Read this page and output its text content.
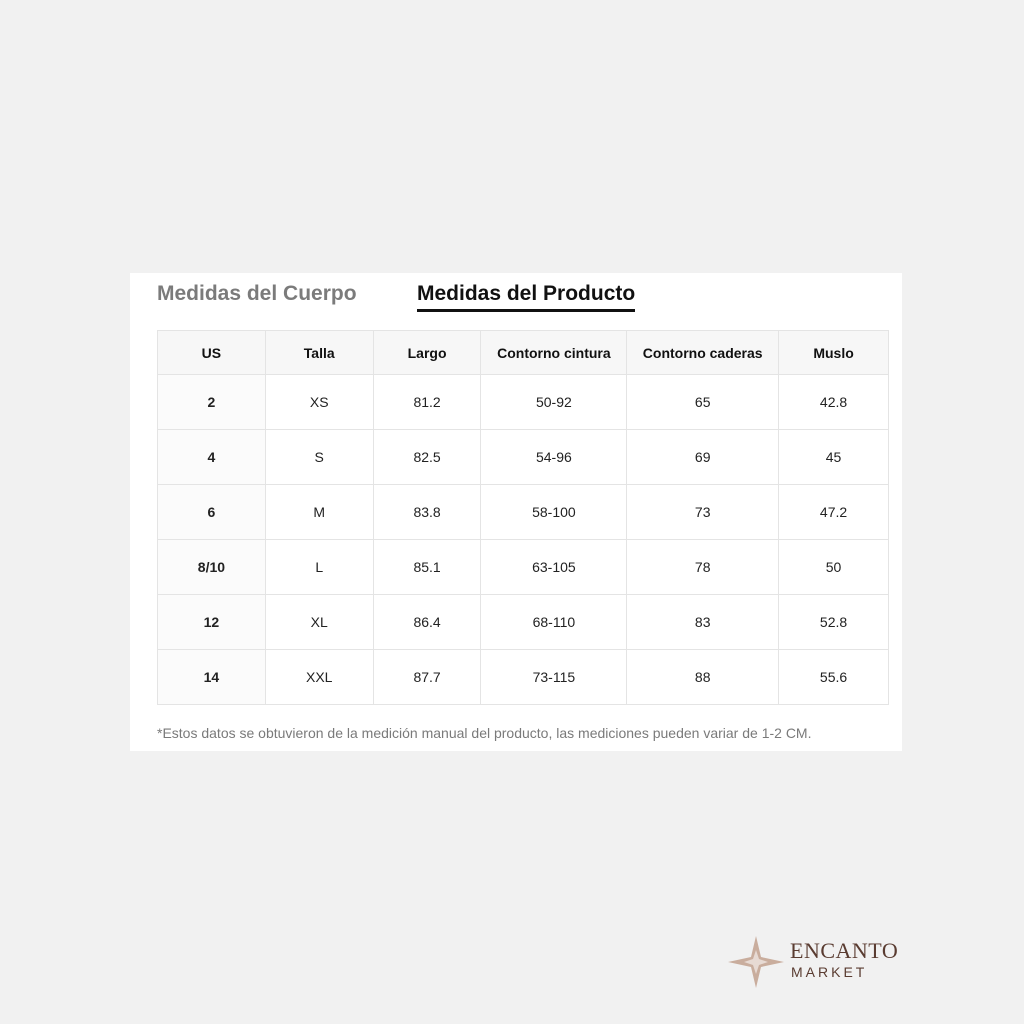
Medidas del Cuerpo	Medidas del Producto
US	Talla	Largo	Contorno cintura	Contorno caderas	Muslo
2	XS	81.2	50-92	65	42.8
4	S	82.5	54-96	69	45
6	M	83.8	58-100	73	47.2
8/10	L	85.1	63-105	78	50
12	XL	86.4	68-110	83	52.8
14	XXL	87.7	73-115	88	55.6
*Estos datos se obtuvieron de la medición manual del producto, las mediciones pueden variar de 1-2 CM.
ENCANTO
MARKET
